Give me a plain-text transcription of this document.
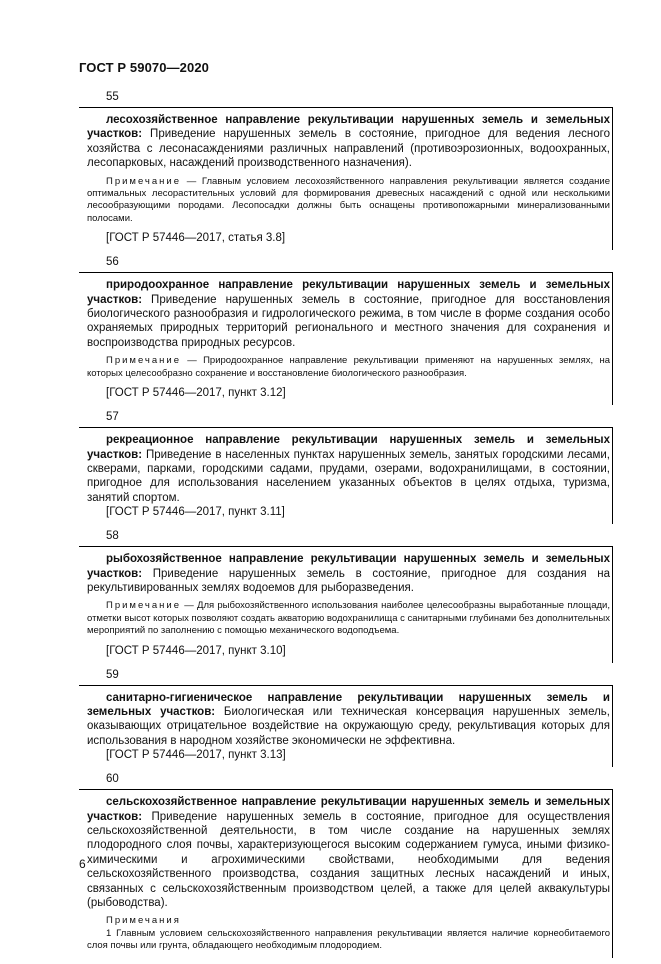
ГОСТ Р 59070—2020
55

лесохозяйственное направление рекультивации нарушенных земель и земельных участков: Приведение нарушенных земель в состояние, пригодное для ведения лесного хозяйства с лесонасаждениями различных направлений (противоэрозионных, водоохранных, лесопарковых, насаждений производственного назначения).

Примечание — Главным условием лесохозяйственного направления рекультивации является создание оптимальных лесорастительных условий для формирования древесных насаждений с одной или несколькими лесообразующими породами. Лесопосадки должны быть оснащены противопожарными минерализованными полосами.

[ГОСТ Р 57446—2017, статья 3.8]

56

природоохранное направление рекультивации нарушенных земель и земельных участков: Приведение нарушенных земель в состояние, пригодное для восстановления биологического разнообразия и гидрологического режима, в том числе в форме создания особо охраняемых природных территорий регионального и местного значения для сохранения и воспроизводства природных ресурсов.

Примечание — Природоохранное направление рекультивации применяют на нарушенных землях, на которых целесообразно сохранение и восстановление биологического разнообразия.

[ГОСТ Р 57446—2017, пункт 3.12]

57

рекреационное направление рекультивации нарушенных земель и земельных участков: Приведение в населенных пунктах нарушенных земель, занятых городскими лесами, скверами, парками, городскими садами, прудами, озерами, водохранилищами, в состоянии, пригодное для использования населением указанных объектов в целях отдыха, туризма, занятий спортом.

[ГОСТ Р 57446—2017, пункт 3.11]

58

рыбохозяйственное направление рекультивации нарушенных земель и земельных участков: Приведение нарушенных земель в состояние, пригодное для создания на рекультивированных землях водоемов для рыборазведения.

Примечание — Для рыбохозяйственного использования наиболее целесообразны выработанные площади, отметки высот которых позволяют создать акваторию водохранилища с санитарными глубинами без дополнительных мероприятий по заполнению с помощью механического водоподъема.

[ГОСТ Р 57446—2017, пункт 3.10]

59

санитарно-гигиеническое направление рекультивации нарушенных земель и земельных участков: Биологическая или техническая консервация нарушенных земель, оказывающих отрицательное воздействие на окружающую среду, рекультивация которых для использования в народном хозяйстве экономически не эффективна.

[ГОСТ Р 57446—2017, пункт 3.13]

60

сельскохозяйственное направление рекультивации нарушенных земель и земельных участков: Приведение нарушенных земель в состояние, пригодное для осуществления сельскохозяйственной деятельности, в том числе создание на нарушенных землях плодородного слоя почвы, характеризующегося высоким содержанием гумуса, иными физико-химическими и агрохимическими свойствами, необходимыми для ведения сельскохозяйственного производства, создания защитных лесных насаждений и иных, связанных с сельскохозяйственным производством целей, а также для целей аквакультуры (рыбоводства).

Примечания

1 Главным условием сельскохозяйственного направления рекультивации является наличие корнеобитаемого слоя почвы или грунта, обладающего необходимым плодородием.

6
